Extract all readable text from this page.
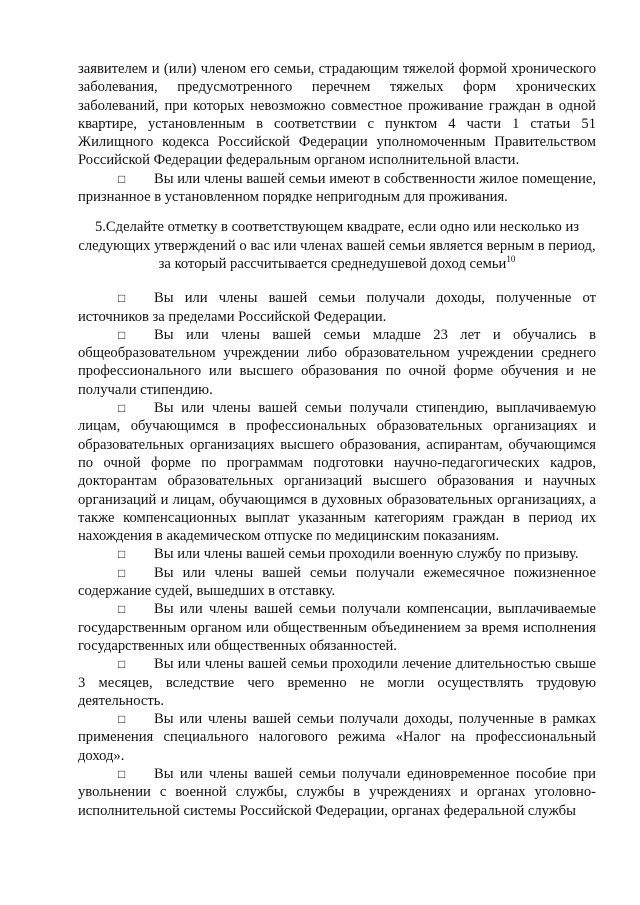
заявителем и (или) членом его семьи, страдающим тяжелой формой хронического заболевания, предусмотренного перечнем тяжелых форм хронических заболеваний, при которых невозможно совместное проживание граждан в одной квартире, установленным в соответствии с пунктом 4 части 1 статьи 51 Жилищного кодекса Российской Федерации уполномоченным Правительством Российской Федерации федеральным органом исполнительной власти.

□ Вы или члены вашей семьи имеют в собственности жилое помещение, признанное в установленном порядке непригодным для проживания.

5.Сделайте отметку в соответствующем квадрате, если одно или несколько из следующих утверждений о вас или членах вашей семьи является верным в период, за который рассчитывается среднедушевой доход семьи$^{10}$

□ Вы или члены вашей семьи получали доходы, полученные от источников за пределами Российской Федерации.

□ Вы или члены вашей семьи младше 23 лет и обучались в общеобразовательном учреждении либо образовательном учреждении среднего профессионального или высшего образования по очной форме обучения и не получали стипендию.

□ Вы или члены вашей семьи получали стипендию, выплачиваемую лицам, обучающимся в профессиональных образовательных организациях и образовательных организациях высшего образования, аспирантам, обучающимся по очной форме по программам подготовки научно-педагогических кадров, докторантам образовательных организаций высшего образования и научных организаций и лицам, обучающимся в духовных образовательных организациях, а также компенсационных выплат указанным категориям граждан в период их нахождения в академическом отпуске по медицинским показаниям.

□ Вы или члены вашей семьи проходили военную службу по призыву.

□ Вы или члены вашей семьи получали ежемесячное пожизненное содержание судей, вышедших в отставку.

□ Вы или члены вашей семьи получали компенсации, выплачиваемые государственным органом или общественным объединением за время исполнения государственных или общественных обязанностей.

□ Вы или члены вашей семьи проходили лечение длительностью свыше 3 месяцев, вследствие чего временно не могли осуществлять трудовую деятельность.

□ Вы или члены вашей семьи получали доходы, полученные в рамках применения специального налогового режима «Налог на профессиональный доход».

□ Вы или члены вашей семьи получали единовременное пособие при увольнении с военной службы, службы в учреждениях и органах уголовно-исполнительной системы Российской Федерации, органах федеральной службы
